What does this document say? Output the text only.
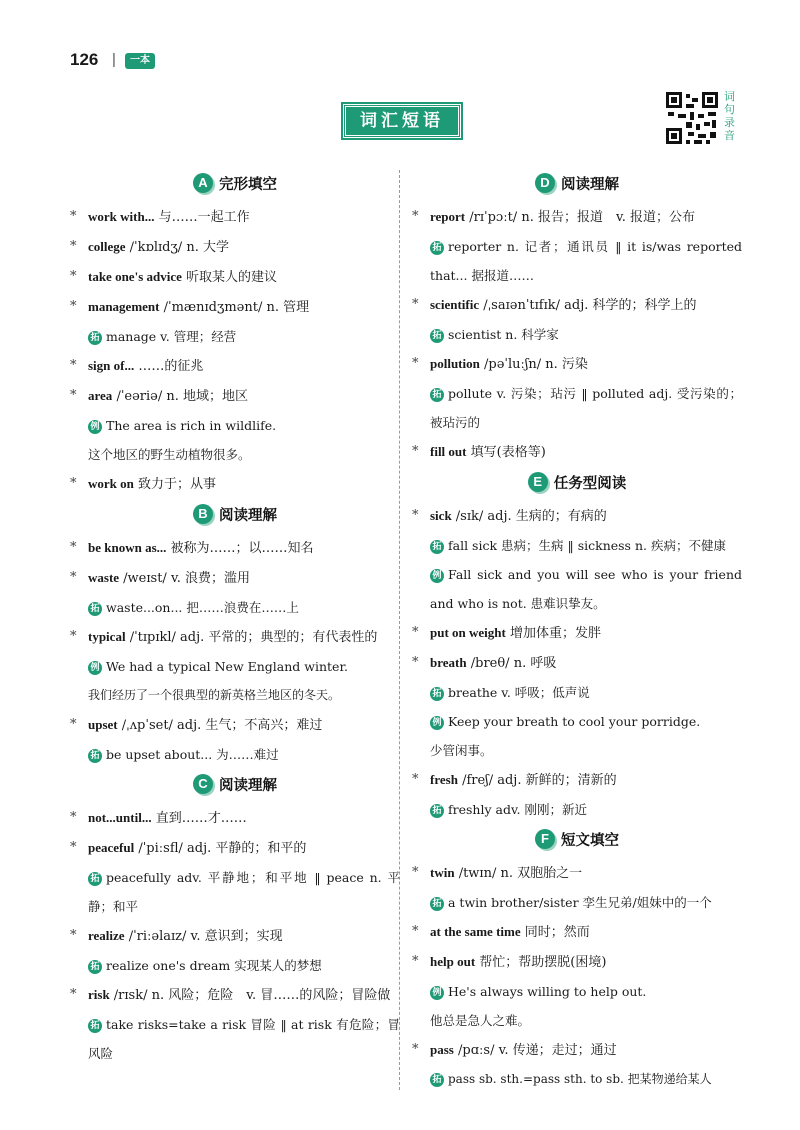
126 |	一本
词汇短语
词句录音
A 完形填空
* work with... 与……一起工作
* college /ˈkɒlɪdʒ/ n. 大学
* take one's advice 听取某人的建议
* management /ˈmænɪdʒmənt/ n. 管理
拓 manage v. 管理；经营
* sign of... ……的征兆
* area /ˈeəriə/ n. 地域；地区
例 The area is rich in wildlife.
这个地区的野生动植物很多。
* work on 致力于；从事
B 阅读理解
* be known as... 被称为……；以……知名
* waste /weɪst/ v. 浪费；滥用
拓 waste...on... 把……浪费在……上
* typical /ˈtɪpɪkl/ adj. 平常的；典型的；有代表性的
例 We had a typical New England winter.
我们经历了一个很典型的新英格兰地区的冬天。
* upset /ˌʌpˈset/ adj. 生气；不高兴；难过
拓 be upset about... 为……难过
C 阅读理解
* not...until... 直到……才……
* peaceful /ˈpiːsfl/ adj. 平静的；和平的
拓 peacefully adv. 平静地；和平地 ‖ peace n. 平静；和平
* realize /ˈriːəlaɪz/ v. 意识到；实现
拓 realize one's dream 实现某人的梦想
* risk /rɪsk/ n. 风险；危险　v. 冒……的风险；冒险做
拓 take risks=take a risk 冒险 ‖ at risk 有危险；冒风险
D 阅读理解
* report /rɪˈpɔːt/ n. 报告；报道　v. 报道；公布
拓 reporter n. 记者；通讯员 ‖ it is/was reported that... 据报道……
* scientific /ˌsaɪənˈtɪfɪk/ adj. 科学的；科学上的
拓 scientist n. 科学家
* pollution /pəˈluːʃn/ n. 污染
拓 pollute v. 污染；玷污 ‖ polluted adj. 受污染的；被玷污的
* fill out 填写(表格等)
E 任务型阅读
* sick /sɪk/ adj. 生病的；有病的
拓 fall sick 患病；生病 ‖ sickness n. 疾病；不健康
例 Fall sick and you will see who is your friend and who is not. 患难识挚友。
* put on weight 增加体重；发胖
* breath /breθ/ n. 呼吸
拓 breathe v. 呼吸；低声说
例 Keep your breath to cool your porridge.
少管闲事。
* fresh /freʃ/ adj. 新鲜的；清新的
拓 freshly adv. 刚刚；新近
F 短文填空
* twin /twɪn/ n. 双胞胎之一
拓 a twin brother/sister 孪生兄弟/姐妹中的一个
* at the same time 同时；然而
* help out 帮忙；帮助摆脱(困境)
例 He's always willing to help out.
他总是急人之难。
* pass /pɑːs/ v. 传递；走过；通过
拓 pass sb. sth.=pass sth. to sb. 把某物递给某人
